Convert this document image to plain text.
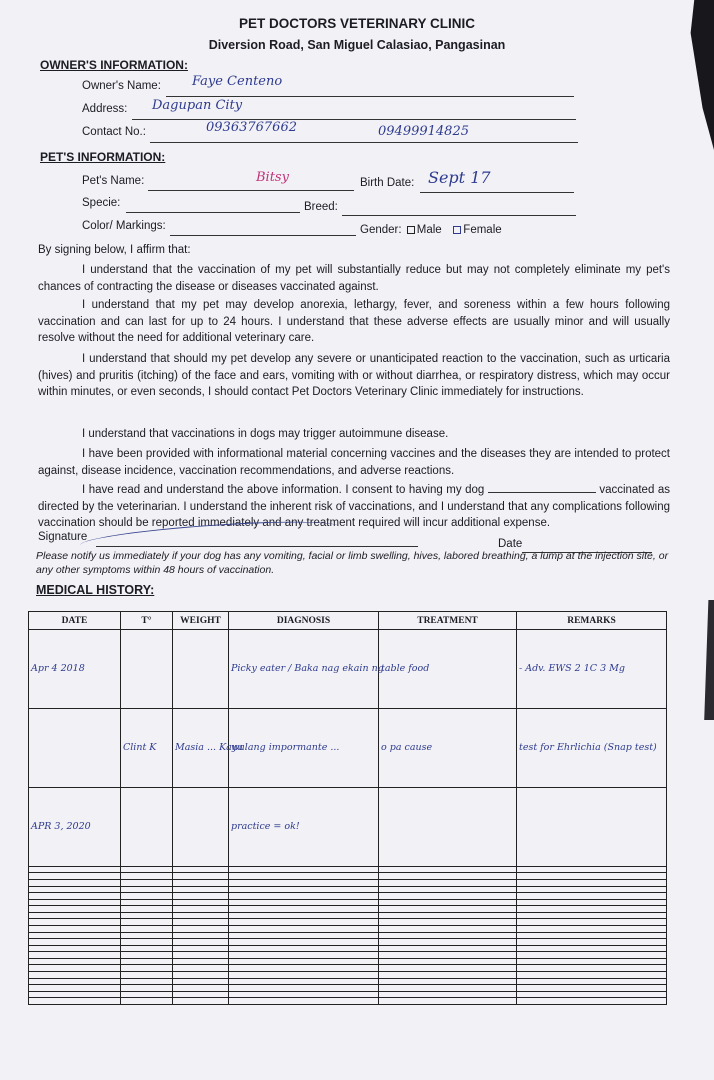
PET DOCTORS VETERINARY CLINIC
Diversion Road, San Miguel Calasiao, Pangasinan
OWNER'S INFORMATION:
Owner's Name: Faye Centeno
Address: Dagupan City
Contact No.:	09363767662	09499914825
PET'S INFORMATION:
Pet's Name:	Bitsy	Birth Date: Sept 17
Specie:	Breed:
Color/ Markings:	Gender: Male Female
By signing below, I affirm that:
I understand that the vaccination of my pet will substantially reduce but may not completely eliminate my pet's chances of contracting the disease or diseases vaccinated against.
I understand that my pet may develop anorexia, lethargy, fever, and soreness within a few hours following vaccination and can last for up to 24 hours. I understand that these adverse effects are usually minor and will usually resolve without the need for additional veterinary care.
I understand that should my pet develop any severe or unanticipated reaction to the vaccination, such as urticaria (hives) and pruritis (itching) of the face and ears, vomiting with or without diarrhea, or respiratory distress, which may occur within minutes, or even seconds, I should contact Pet Doctors Veterinary Clinic immediately for instructions.
I understand that vaccinations in dogs may trigger autoimmune disease.
I have been provided with informational material concerning vaccines and the diseases they are intended to protect against, disease incidence, vaccination recommendations, and adverse reactions.
I have read and understand the above information. I consent to having my dog	vaccinated as directed by the veterinarian. I understand the inherent risk of vaccinations, and I understand that any complications following vaccination should be reported immediately and any treatment required will incur additional expense.
Signature
Date
Please notify us immediately if your dog has any vomiting, facial or limb swelling, hives, labored breathing, a lump at the injection site, or any other symptoms within 48 hours of vaccination.
MEDICAL HISTORY:
DATE	T°	WEIGHT	DIAGNOSIS	TREATMENT	REMARKS
Apr 4 2018			Picky eater / Baka nag ekain ng	table food	- Adv. EWS 2 1C 3 Mg
	Clint K	Masia ... Kaya	walang impormante ...	o pa cause	test for Ehrlichia (Snap test)
APR 3, 2020			practice = ok!		
